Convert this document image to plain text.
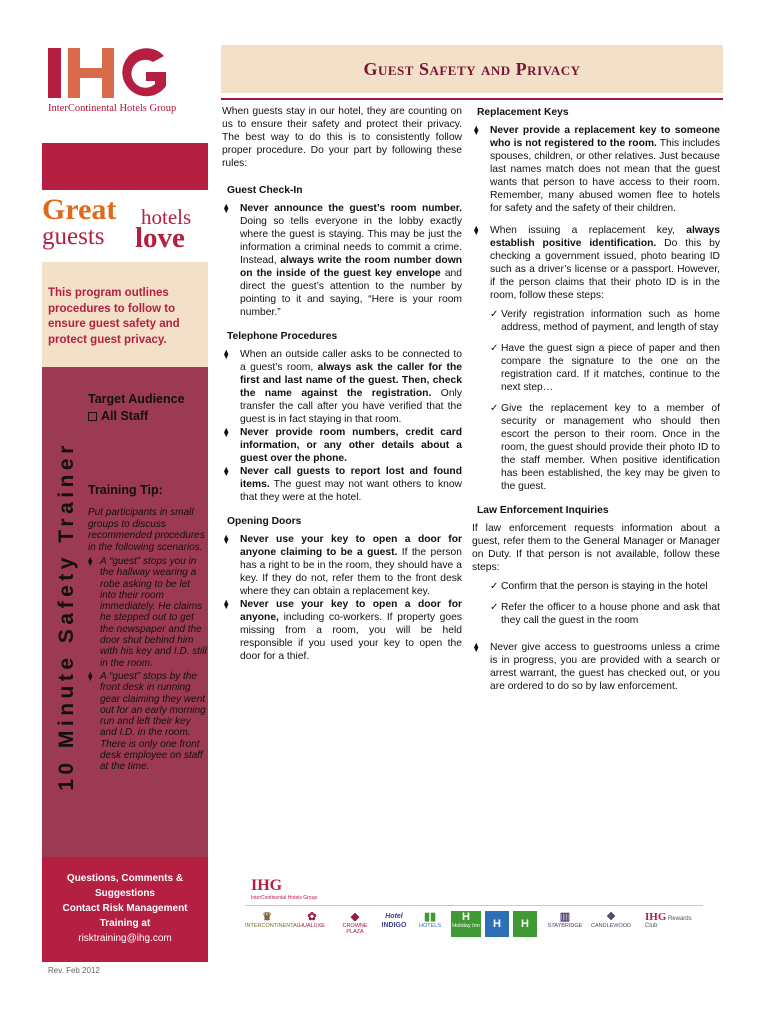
InterContinental Hotels Group
Guest Safety and Privacy
Great hotels
guests love

This program outlines procedures to follow to ensure guest safety and protect guest privacy.

10 Minute Safety Trainer
Target Audience
All Staff
Training Tip:

Put participants in small groups to discuss recommended procedures in the following scenarios.

⧫ A “guest” stops you in the hallway wearing a robe asking to be let into their room immediately. He claims he stepped out to get the newspaper and the door shut behind him with his key and I.D. still in the room.
⧫ A “guest” stops by the front desk in running gear claiming they went out for an early morning run and left their key and I.D. in the room. There is only one front desk employee on staff at the time.

Questions, Comments & Suggestions

Contact Risk Management Training at

risktraining@ihg.com

Rev. Feb 2012

When guests stay in our hotel, they are counting on us to ensure their safety and protect their privacy. The best way to do this is to consistently follow proper procedure. Do your part by following these rules:

Guest Check-In
⧫ Never announce the guest’s room number. Doing so tells everyone in the lobby exactly where the guest is staying. This may be just the information a criminal needs to commit a crime. Instead, always write the room number down on the inside of the guest key envelope and direct the guest’s attention to the number by pointing to it and saying, “Here is your room number.”
Telephone Procedures
⧫ When an outside caller asks to be connected to a guest’s room, always ask the caller for the first and last name of the guest. Then, check the name against the registration. Only transfer the call after you have verified that the guest is in fact staying in that room.
⧫ Never provide room numbers, credit card information, or any other details about a guest over the phone.
⧫ Never call guests to report lost and found items. The guest may not want others to know that they were at the hotel.
Opening Doors
⧫ Never use your key to open a door for anyone claiming to be a guest. If the person has a right to be in the room, they should have a key. If they do not, refer them to the front desk where they can obtain a replacement key.
⧫ Never use your key to open a door for anyone, including co-workers. If property goes missing from a room, you will be held responsible if you used your key to open the door for a thief.
Replacement Keys
⧫ Never provide a replacement key to someone who is not registered to the room. This includes spouses, children, or other relatives. Just because last names match does not mean that the guest wants that person to have access to their room. Remember, many abused women flee to hotels for safety and the safety of their children.
⧫ When issuing a replacement key, always establish positive identification. Do this by checking a government issued, photo bearing ID such as a driver’s license or a passport. However, if the person claims that their photo ID is in the room, follow these steps:
✓ Verify registration information such as home address, method of payment, and length of stay
✓ Have the guest sign a piece of paper and then compare the signature to the one on the registration card. If it matches, continue to the next step…
✓ Give the replacement key to a member of security or management who should then escort the person to their room. Once in the room, the guest should provide their photo ID to the staff member. When positive identification has been established, the key may be given to the guest.
Law Enforcement Inquiries

If law enforcement requests information about a guest, refer them to the General Manager or Manager on Duty. If that person is not available, follow these steps:

✓ Confirm that the person is staying in the hotel
✓ Refer the officer to a house phone and ask that they call the guest in the room
⧫ Never give access to guestrooms unless a crime is in progress, you are provided with a search or arrest warrant, the guest has checked out, or you are ordered to do so by law enforcement.
IHG
InterContinental Hotels Group
♛
INTERCONTINENTAL
✿
HUALUXE
◆
CROWNE PLAZA
Hotel
INDIGO
▮▮
HOTELS
H
Holiday Inn	H	H
▥
STAYBRIDGE
❖
CANDLEWOOD
IHG Rewards Club
